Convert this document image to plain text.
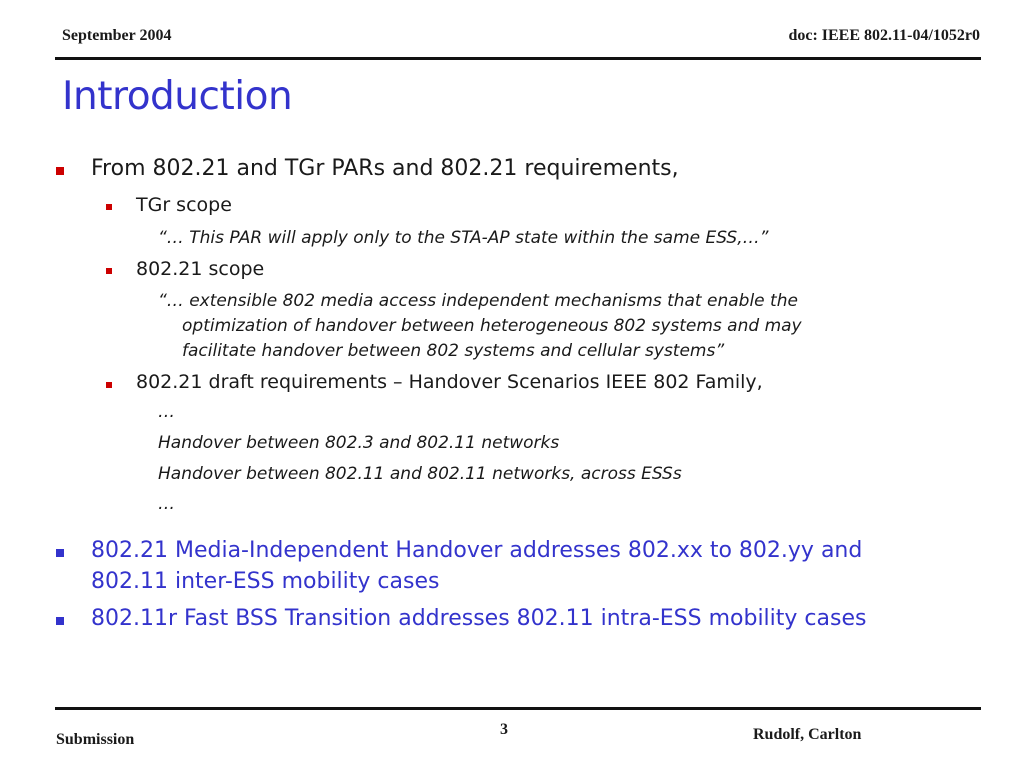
September 2004	doc: IEEE 802.11-04/1052r0
Introduction
From 802.21 and TGr PARs and 802.21 requirements,
TGr scope
“… This PAR will apply only to the STA-AP state within the same ESS,…”
802.21 scope
“… extensible 802 media access independent mechanisms that enable the
optimization of handover between heterogeneous 802 systems and may
facilitate handover between 802 systems and cellular systems”
802.21 draft requirements – Handover Scenarios IEEE 802 Family,
…
Handover between 802.3 and 802.11 networks
Handover between 802.11 and 802.11 networks, across ESSs
…
802.21 Media-Independent Handover addresses 802.xx to 802.yy and
802.11 inter-ESS mobility cases
802.11r Fast BSS Transition addresses 802.11 intra-ESS mobility cases
Submission
3	Rudolf, Carlton
